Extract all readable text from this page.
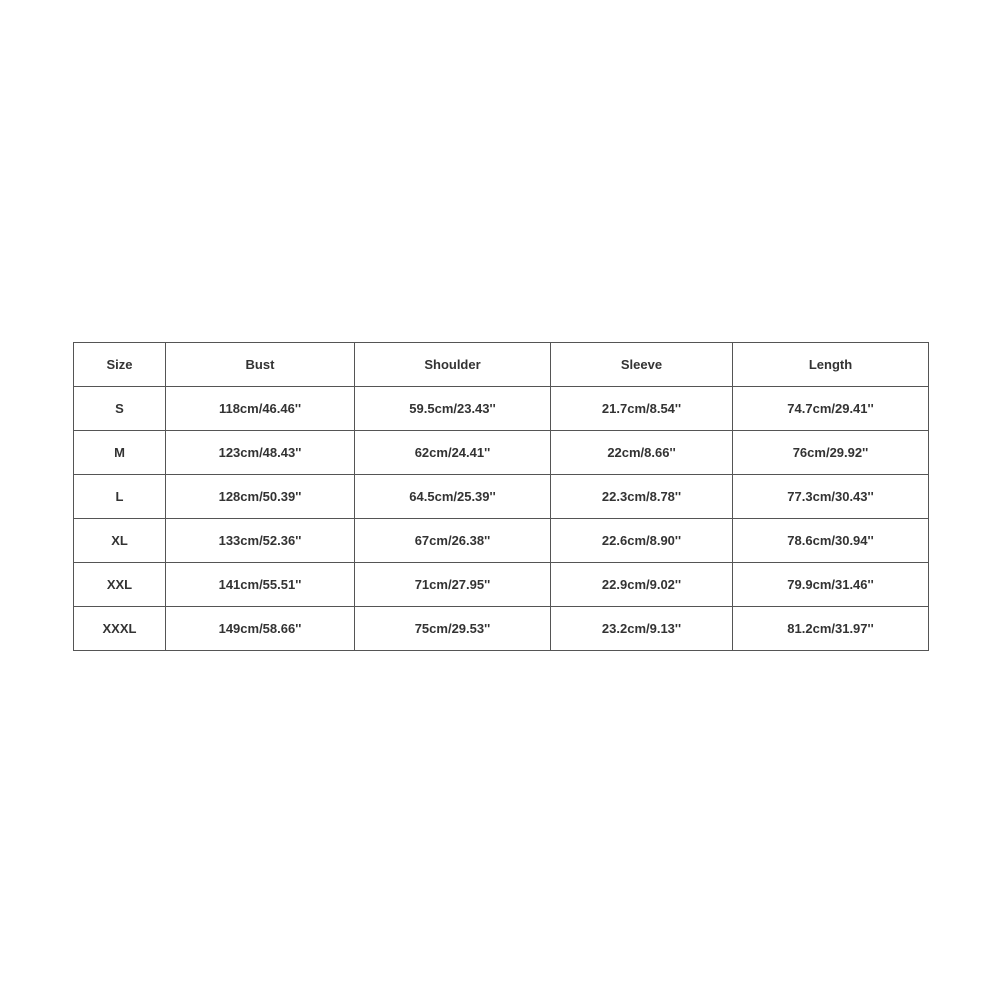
Size	Bust	Shoulder	Sleeve	Length
S	118cm/46.46''	59.5cm/23.43''	21.7cm/8.54''	74.7cm/29.41''
M	123cm/48.43''	62cm/24.41''	22cm/8.66''	76cm/29.92''
L	128cm/50.39''	64.5cm/25.39''	22.3cm/8.78''	77.3cm/30.43''
XL	133cm/52.36''	67cm/26.38''	22.6cm/8.90''	78.6cm/30.94''
XXL	141cm/55.51''	71cm/27.95''	22.9cm/9.02''	79.9cm/31.46''
XXXL	149cm/58.66''	75cm/29.53''	23.2cm/9.13''	81.2cm/31.97''
